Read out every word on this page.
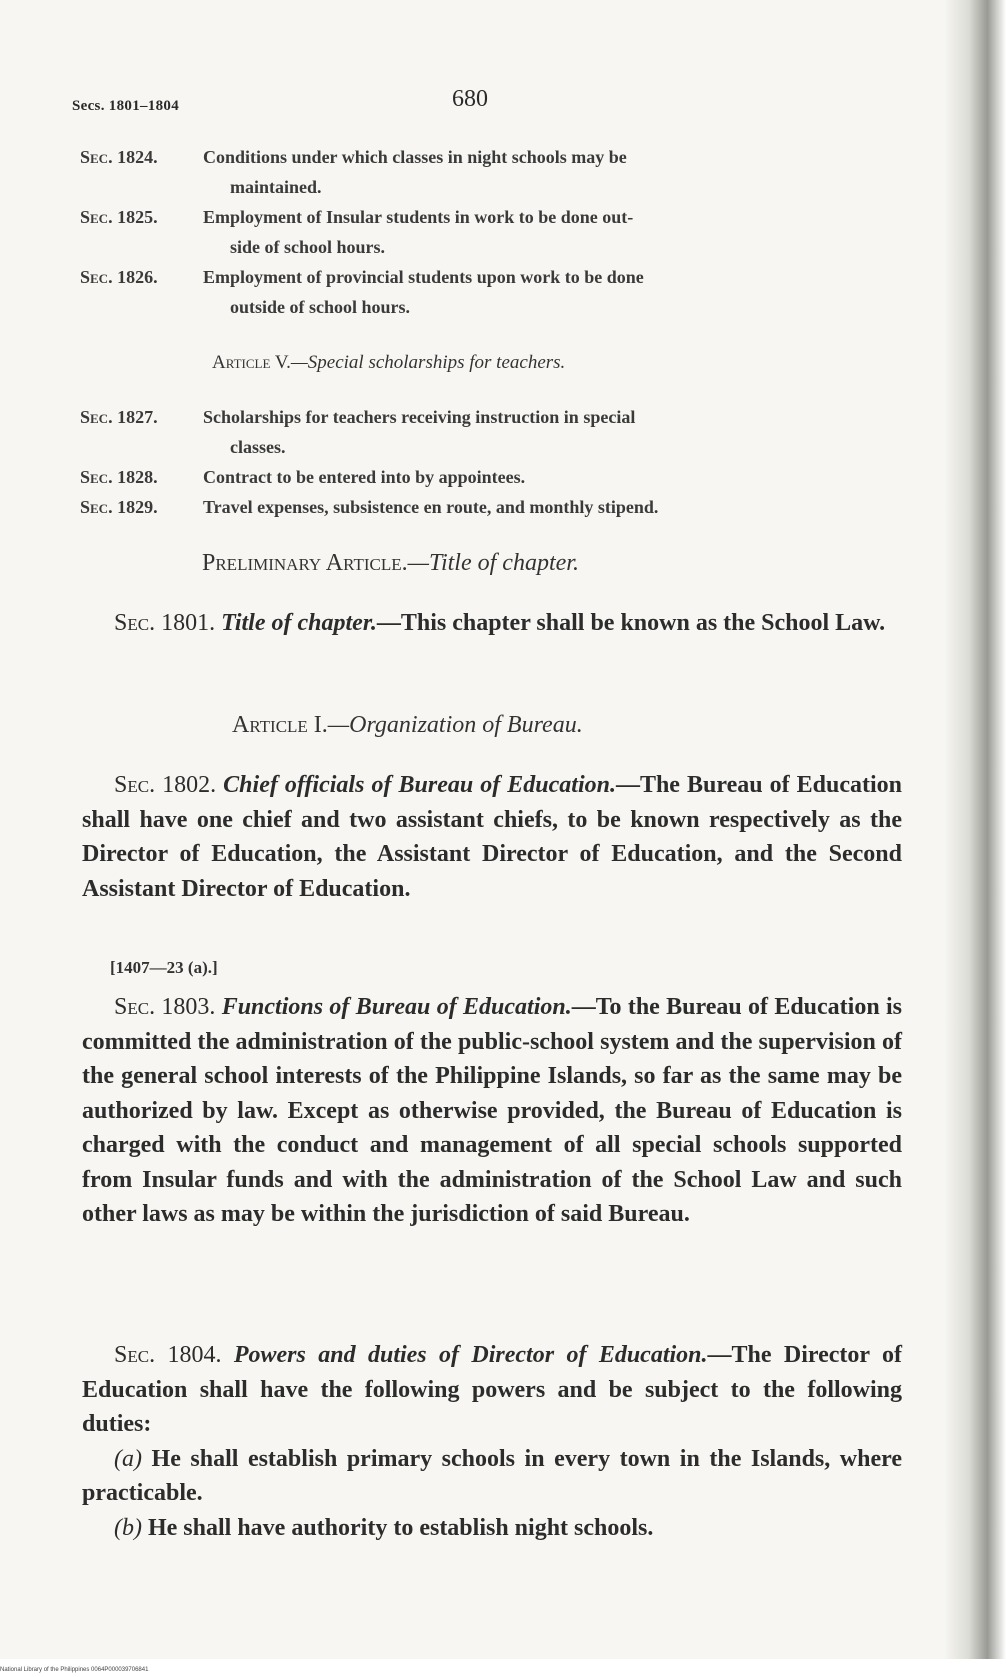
Secs. 1801–1804	680
Sec. 1824.	Conditions under which classes in night schools may be
maintained.
Sec. 1825.	Employment of Insular students in work to be done out-
side of school hours.
Sec. 1826.	Employment of provincial students upon work to be done
outside of school hours.
Article V.—Special scholarships for teachers.
Sec. 1827.	Scholarships for teachers receiving instruction in special
classes.
Sec. 1828.	Contract to be entered into by appointees.
Sec. 1829.	Travel expenses, subsistence en route, and monthly stipend.
Preliminary Article.—Title of chapter.
Sec. 1801. Title of chapter.—This chapter shall be known as the School Law.
Article I.—Organization of Bureau.
Sec. 1802. Chief officials of Bureau of Education.—The Bureau of Education shall have one chief and two assistant chiefs, to be known respectively as the Director of Education, the Assistant Director of Education, and the Second Assistant Director of Education.
[1407—23 (a).]
Sec. 1803. Functions of Bureau of Education.—To the Bureau of Education is committed the administration of the public-school system and the supervision of the general school interests of the Philippine Islands, so far as the same may be authorized by law. Except as otherwise provided, the Bureau of Education is charged with the conduct and management of all special schools supported from Insular funds and with the administration of the School Law and such other laws as may be within the jurisdiction of said Bureau.
Sec. 1804. Powers and duties of Director of Education.—The Director of Education shall have the following powers and be subject to the following duties:
(a) He shall establish primary schools in every town in the Islands, where practicable.
(b) He shall have authority to establish night schools.
National Library of the Philippines 0064P000039706841
